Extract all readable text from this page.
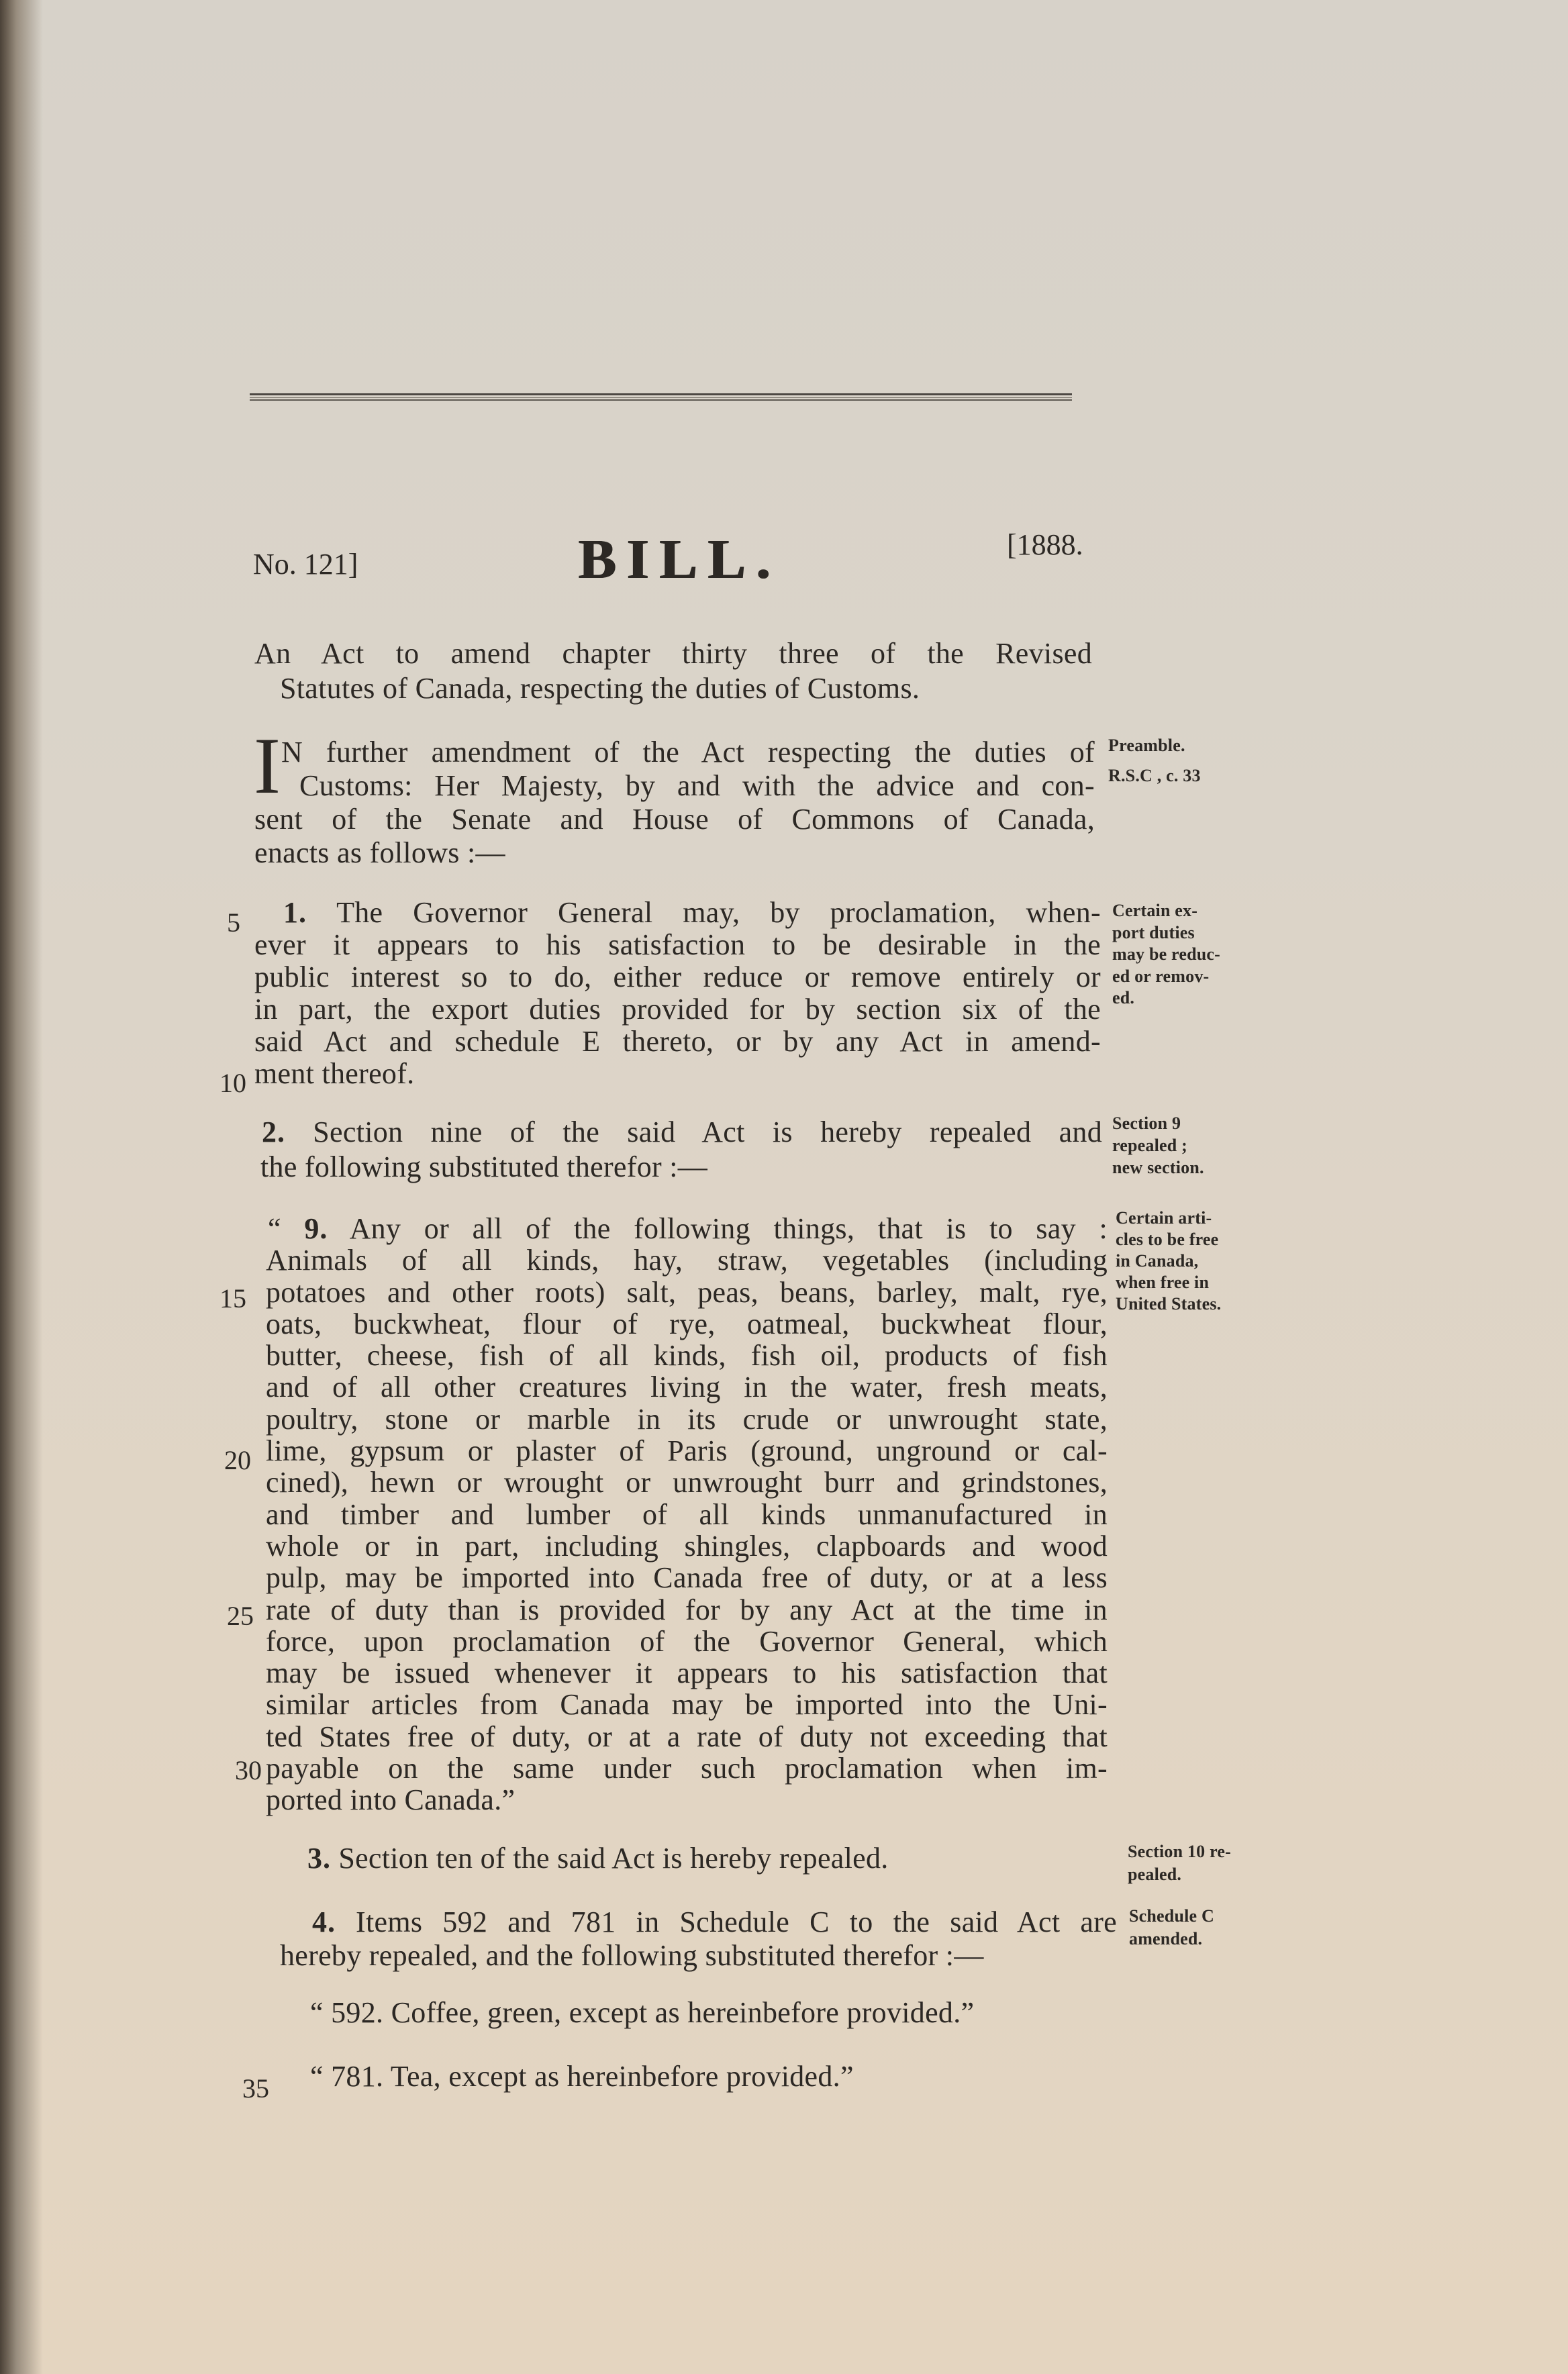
No. 121]	BILL.	[1888.
An Act to amend chapter thirty three of the Revised
Statutes of Canada, respecting the duties of Customs.
I N further amendment of the Act respecting the duties of
Customs: Her Majesty, by and with the advice and con-
sent of the Senate and House of Commons of Canada,
enacts as follows :—
Preamble.
R.S.C , c. 33
1. The Governor General may, by proclamation, when-
ever it appears to his satisfaction to be desirable in the
public interest so to do, either reduce or remove entirely or
in part, the export duties provided for by section six of the
said Act and schedule E thereto, or by any Act in amend-
ment thereof.
Certain ex-
port duties
may be reduc-
ed or remov-
ed.
2. Section nine of the said Act is hereby repealed and
the following substituted therefor :—
Section 9
repealed ;
new section.
“ 9. Any or all of the following things, that is to say :
Animals of all kinds, hay, straw, vegetables (including
potatoes and other roots) salt, peas, beans, barley, malt, rye,
oats, buckwheat, flour of rye, oatmeal, buckwheat flour,
butter, cheese, fish of all kinds, fish oil, products of fish
and of all other creatures living in the water, fresh meats,
poultry, stone or marble in its crude or unwrought state,
lime, gypsum or plaster of Paris (ground, unground or cal-
cined), hewn or wrought or unwrought burr and grindstones,
and timber and lumber of all kinds unmanufactured in
whole or in part, including shingles, clapboards and wood
pulp, may be imported into Canada free of duty, or at a less
rate of duty than is provided for by any Act at the time in
force, upon proclamation of the Governor General, which
may be issued whenever it appears to his satisfaction that
similar articles from Canada may be imported into the Uni-
ted States free of duty, or at a rate of duty not exceeding that
payable on the same under such proclamation when im-
ported into Canada.”
Certain arti-
cles to be free
in Canada,
when free in
United States.
3. Section ten of the said Act is hereby repealed.	Section 10 re-
pealed.
4. Items 592 and 781 in Schedule C to the said Act are
hereby repealed, and the following substituted therefor :—
Schedule C
amended.
“ 592. Coffee, green, except as hereinbefore provided.”
“ 781. Tea, except as hereinbefore provided.”
5
10
15
20
25
30
35
